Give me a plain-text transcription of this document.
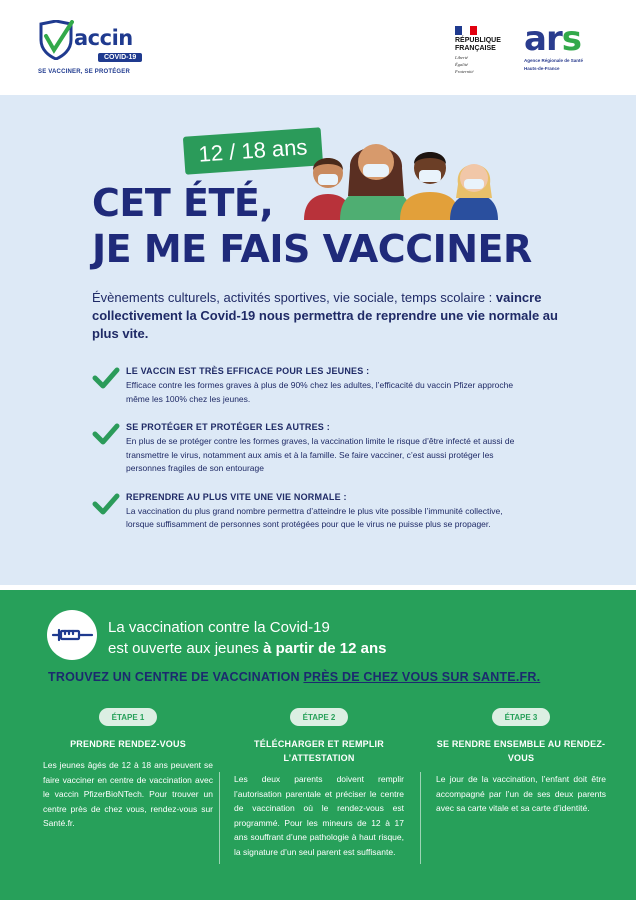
accin
COVID-19
SE VACCINER, SE PROTÉGER
RÉPUBLIQUE
FRANÇAISE
Liberté
Égalité
Fraternité
ars
Agence Régionale de Santé
Hauts-de-France
12 / 18 ans
CET ÉTÉ,
JE ME FAIS VACCINER
Évènements culturels, activités sportives, vie sociale, temps scolaire : vaincre collectivement la Covid-19 nous permettra de reprendre une vie normale au plus vite.
LE VACCIN EST TRÈS EFFICACE POUR LES JEUNES :
Efficace contre les formes graves à plus de 90% chez les adultes, l’efficacité du vaccin Pfizer approche même les 100% chez les jeunes.
SE PROTÉGER ET PROTÉGER LES AUTRES :
En plus de se protéger contre les formes graves, la vaccination limite le risque d’être infecté et aussi de transmettre le virus, notamment aux amis et à la famille. Se faire vacciner, c’est aussi protéger les personnes fragiles de son entourage
REPRENDRE AU PLUS VITE UNE VIE NORMALE :
La vaccination du plus grand nombre permettra d’atteindre le plus vite possible l’immunité collective, lorsque suffisamment de personnes sont protégées pour que le virus ne puisse plus se propager.
La vaccination contre la Covid-19
est ouverte aux jeunes à partir de 12 ans
TROUVEZ UN CENTRE DE VACCINATION PRÈS DE CHEZ VOUS SUR SANTE.FR.
ÉTAPE 1
PRENDRE RENDEZ-VOUS
Les jeunes âgés de 12 à 18 ans peuvent se faire vacciner en centre de vaccination avec le vaccin PfizerBioNTech. Pour trouver un centre près de chez vous, rendez-vous sur Santé.fr.
ÉTAPE 2
TÉLÉCHARGER ET REMPLIR L’ATTESTATION
Les deux parents doivent remplir l’autorisation parentale et préciser le centre de vaccination où le rendez-vous est programmé. Pour les mineurs de 12 à 17 ans souffrant d’une pathologie à haut risque, la signature d’un seul parent est suffisante.
ÉTAPE 3
SE RENDRE ENSEMBLE AU RENDEZ-VOUS
Le jour de la vaccination, l’enfant doit être accompagné par l’un de ses deux parents avec sa carte vitale et sa carte d’identité.
